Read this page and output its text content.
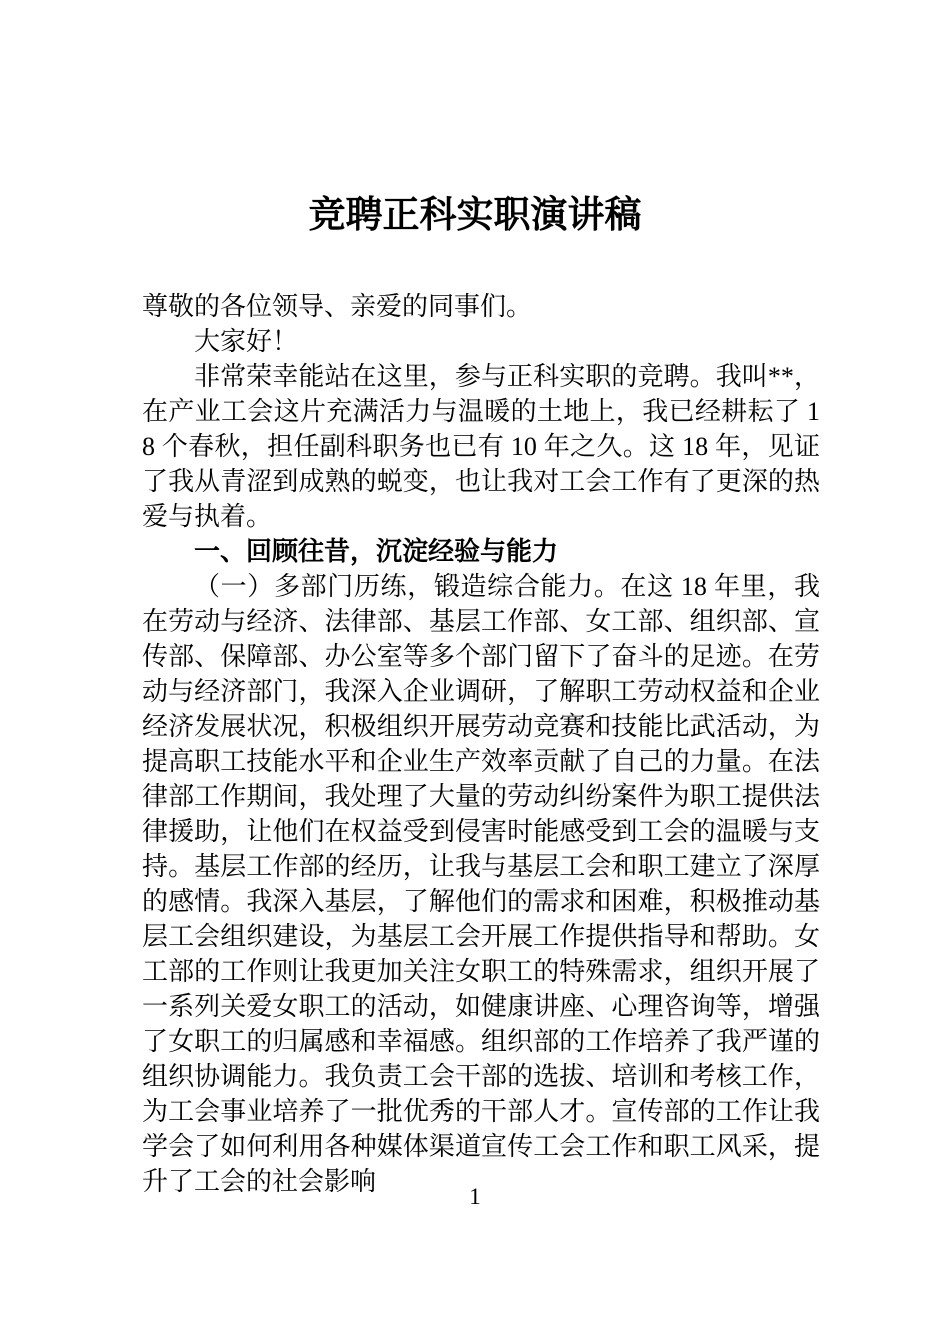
竞聘正科实职演讲稿

尊敬的各位领导、亲爱的同事们。

大家好！

非常荣幸能站在这里，参与正科实职的竞聘。我叫**，在产业工会这片充满活力与温暖的土地上，我已经耕耘了 18 个春秋，担任副科职务也已有 10 年之久。这 18 年，见证了我从青涩到成熟的蜕变，也让我对工会工作有了更深的热爱与执着。

一、回顾往昔，沉淀经验与能力

（一）多部门历练，锻造综合能力。在这 18 年里，我在劳动与经济、法律部、基层工作部、女工部、组织部、宣传部、保障部、办公室等多个部门留下了奋斗的足迹。在劳动与经济部门，我深入企业调研，了解职工劳动权益和企业经济发展状况，积极组织开展劳动竞赛和技能比武活动，为提高职工技能水平和企业生产效率贡献了自己的力量。在法律部工作期间，我处理了大量的劳动纠纷案件为职工提供法律援助，让他们在权益受到侵害时能感受到工会的温暖与支持。基层工作部的经历，让我与基层工会和职工建立了深厚的感情。我深入基层，了解他们的需求和困难，积极推动基层工会组织建设，为基层工会开展工作提供指导和帮助。女工部的工作则让我更加关注女职工的特殊需求，组织开展了一系列关爱女职工的活动，如健康讲座、心理咨询等，增强了女职工的归属感和幸福感。组织部的工作培养了我严谨的组织协调能力。我负责工会干部的选拔、培训和考核工作，为工会事业培养了一批优秀的干部人才。宣传部的工作让我学会了如何利用各种媒体渠道宣传工会工作和职工风采，提升了工会的社会影响

1
